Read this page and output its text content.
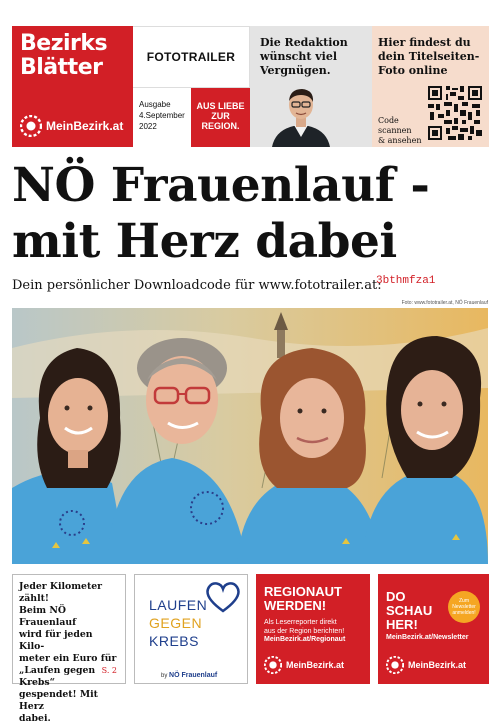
Bezirks
Blätter
MeinBezirk.at
FOTOTRAILER
Ausgabe
4.September
2022
AUS LIEBE
ZUR
REGION.
Die Redaktion
wünscht viel
Vergnügen.
Hier findest du
dein Titelseiten-
Foto online
Code
scannen
& ansehen
NÖ Frauenlauf -
mit Herz dabei
Dein persönlicher Downloadcode für www.fototrailer.at:
3bthmfza1
Foto: www.fototrailer.at, NÖ Frauenlauf
Jeder Kilometer zählt!
Beim NÖ Frauenlauf
wird für jeden Kilo-
meter ein Euro für
„Laufen gegen Krebs“
gespendet! Mit Herz
dabei.
S. 2
LAUFEN
GEGEN
KREBS
by NÖ Frauenlauf
REGIONAUT
WERDEN!
Als Leserreporter direkt
aus der Region berichten!
MeinBezirk.at/Regionaut
MeinBezirk.at
DO
SCHAU
HER!
Zum
Newsletter
anmelden!
MeinBezirk.at/Newsletter
MeinBezirk.at
